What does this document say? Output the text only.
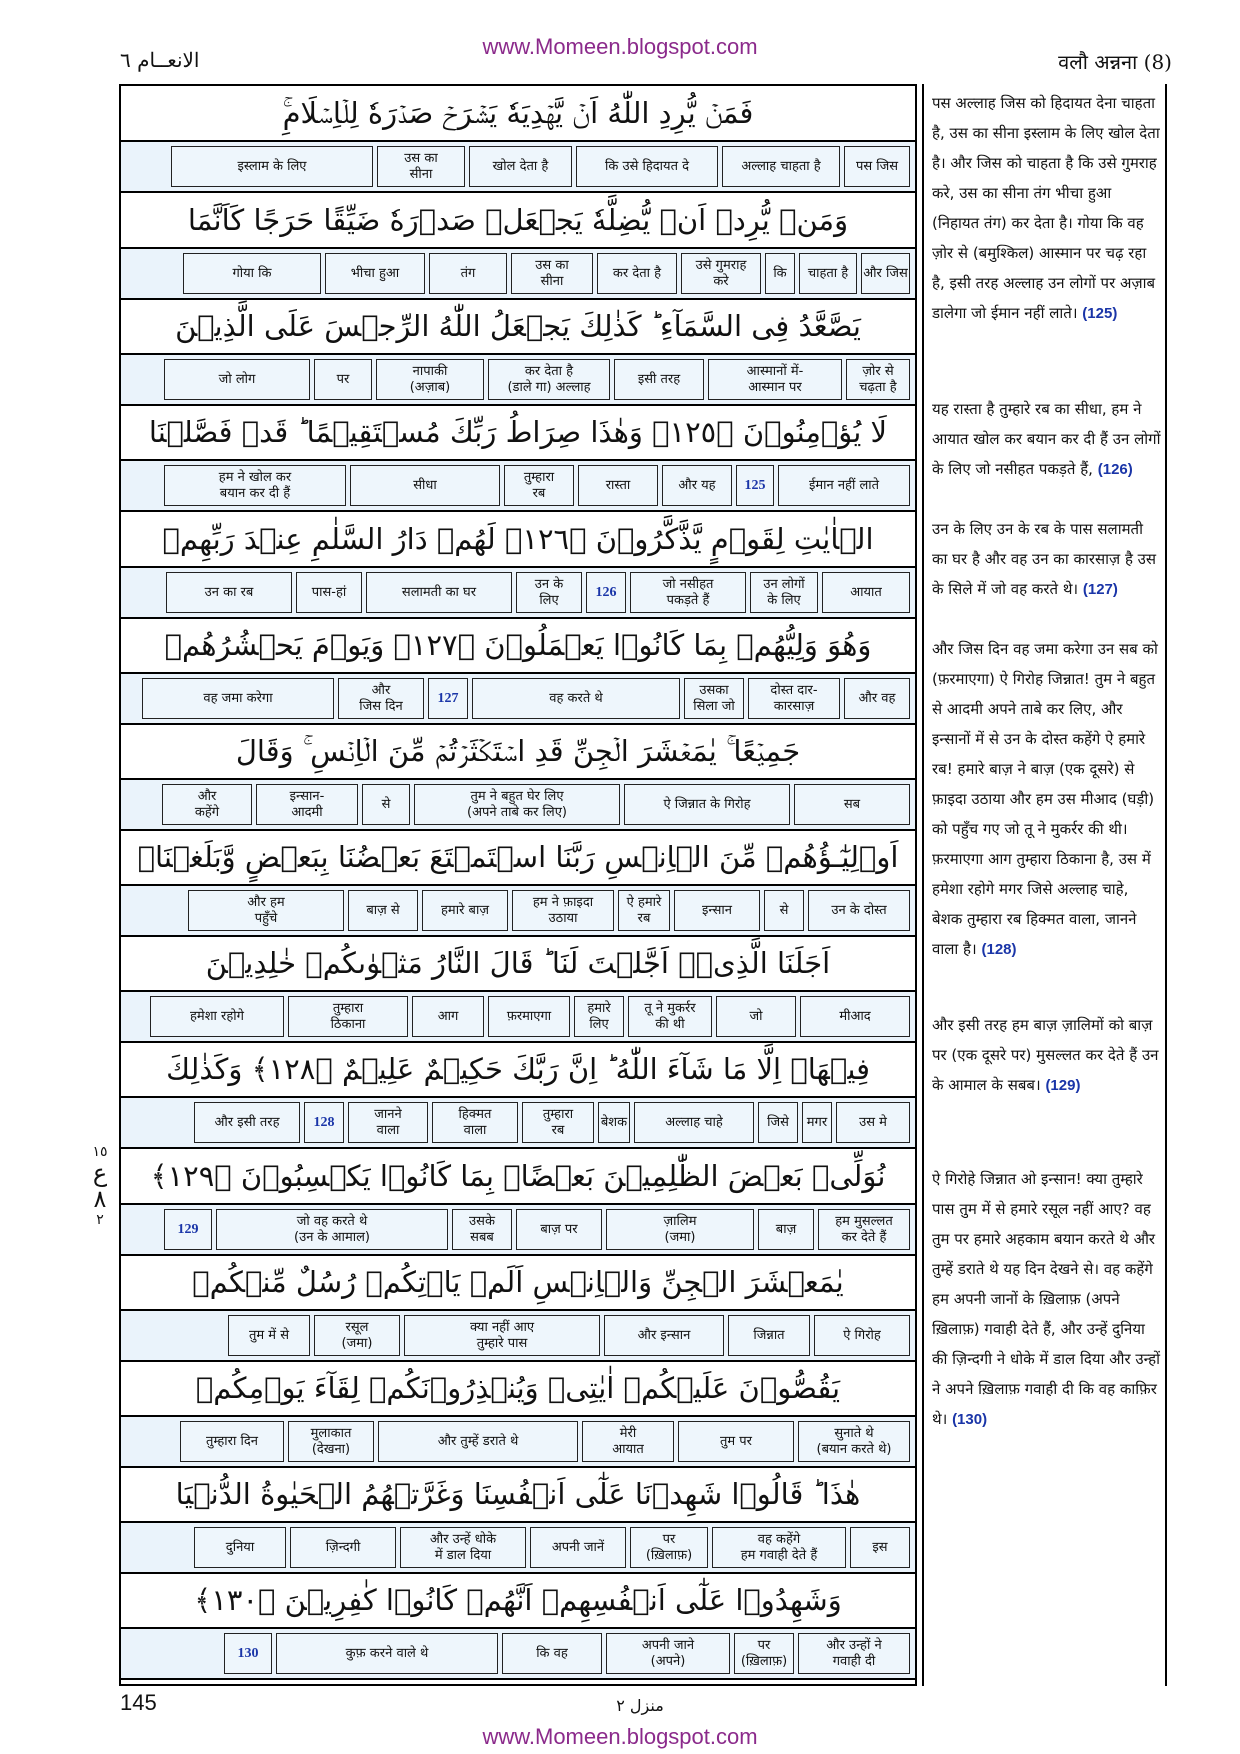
www.Momeen.blogspot.com
الانعــام ٦	वलौ अन्नना (8)
فَمَنۡ يُّرِدِ اللّٰهُ اَنۡ يَّهۡدِيَهٗ يَشۡرَحۡ صَدۡرَهٗ لِلۡاِسۡلَامِ‌ۚ
पस जिस
अल्लाह चाहता है
कि उसे हिदायत दे
खोल देता है
उस का
सीना
इस्लाम के लिए
وَمَنۡ يُّرِدۡ اَنۡ يُّضِلَّهٗ يَجۡعَلۡ صَدۡرَهٗ ضَيِّقًا حَرَجًا كَاَنَّمَا
और जिस
चाहता है
कि
उसे गुमराह
करे
कर देता है
उस का
सीना
तंग
भीचा हुआ
गोया कि
يَصَّعَّدُ فِى السَّمَآءِ‌ ؕ كَذٰلِكَ يَجۡعَلُ اللّٰهُ الرِّجۡسَ عَلَى الَّذِيۡنَ
ज़ोर से
चढ़ता है
आस्मानों में-
आस्मान पर
इसी तरह
कर देता है
(डाले गा) अल्लाह
नापाकी
(अज़ाब)
पर
जो लोग
لَا يُؤۡمِنُوۡنَ ﴿١٢٥﴾ وَهٰذَا صِرَاطُ رَبِّكَ مُسۡتَقِيۡمًا‌ ؕ قَدۡ فَصَّلۡنَا
ईमान नहीं लाते
125
और यह
रास्ता
तुम्हारा
रब
सीधा
हम ने खोल कर
बयान कर दी हैं
الۡاٰيٰتِ لِقَوۡمٍ يَّذَّكَّرُوۡنَ ﴿١٢٦﴾ لَهُمۡ دَارُ السَّلٰمِ عِنۡدَ رَبِّهِمۡ
आयात
उन लोगों
के लिए
जो नसीहत
पकड़ते हैं
126
उन के
लिए
सलामती का घर
पास-हां
उन का रब
وَهُوَ وَلِيُّهُمۡ بِمَا كَانُوۡا يَعۡمَلُوۡنَ ﴿١٢٧﴾ وَيَوۡمَ يَحۡشُرُهُمۡ
और वह
दोस्त दार-
कारसाज़
उसका
सिला जो
वह करते थे
127
और
जिस दिन
वह जमा करेगा
جَمِيۡعًا‌ ۚ يٰمَعۡشَرَ الۡجِنِّ قَدِ اسۡتَكۡثَرۡتُمۡ مِّنَ الۡاِنۡسِ‌ ۚ وَقَالَ
सब
ऐ जिन्नात के गिरोह
तुम ने बहुत घेर लिए
(अपने ताबे कर लिए)
से
इन्सान-
आदमी
और
कहेंगे
اَوۡلِيٰٓـؤُهُمۡ مِّنَ الۡاِنۡسِ رَبَّنَا اسۡتَمۡتَعَ بَعۡضُنَا بِبَعۡضٍ وَّبَلَغۡنَاۤ
उन के दोस्त
से
इन्सान
ऐ हमारे
रब
हम ने फ़ाइदा
उठाया
हमारे बाज़
बाज़ से
और हम
पहुँचे
اَجَلَنَا الَّذِىۡۤ اَجَّلۡتَ لَنَا‌ ؕ قَالَ النَّارُ مَثۡوٰٮكُمۡ خٰلِدِيۡنَ
मीआद
जो
तू ने मुकर्रर
की थी
हमारे
लिए
फ़रमाएगा
आग
तुम्हारा
ठिकाना
हमेशा रहोगे
فِيۡهَاۤ اِلَّا مَا شَآءَ اللّٰهُ‌ ؕ اِنَّ رَبَّكَ حَكِيۡمٌ عَلِيۡمٌ ﴿١٢٨﴾ وَكَذٰلِكَ
उस मे
मगर
जिसे
अल्लाह चाहे
बेशक
तुम्हारा
रब
हिक्मत
वाला
जानने
वाला
128
और इसी तरह
نُوَلِّىۡ بَعۡضَ الظّٰلِمِيۡنَ بَعۡضًاۢ بِمَا كَانُوۡا يَكۡسِبُوۡنَ ﴿١٢٩﴾
हम मुसल्लत
कर देते हैं
बाज़
ज़ालिम
(जमा)
बाज़ पर
उसके
सबब
जो वह करते थे
(उन के आमाल)
129
يٰمَعۡشَرَ الۡجِنِّ وَالۡاِنۡسِ اَلَمۡ يَاۡتِكُمۡ رُسُلٌ مِّنۡكُمۡ
ऐ गिरोह
जिन्नात
और इन्सान
क्या नहीं आए
तुम्हारे पास
रसूल
(जमा)
तुम में से
يَقُصُّوۡنَ عَلَيۡكُمۡ اٰيٰتِىۡ وَيُنۡذِرُوۡنَكُمۡ لِقَآءَ يَوۡمِكُمۡ
सुनाते थे
(बयान करते थे)
तुम पर
मेरी
आयात
और तुम्हें डराते थे
मुलाकात
(देखना)
तुम्हारा दिन
هٰذَا‌ ؕ قَالُوۡا شَهِدۡنَا عَلٰٓى اَنۡفُسِنَا وَغَرَّتۡهُمُ الۡحَيٰوةُ الدُّنۡيَا
इस
वह कहेंगे
हम गवाही देते हैं
पर
(ख़िलाफ़)
अपनी जानें
और उन्हें धोके
में डाल दिया
ज़िन्दगी
दुनिया
وَشَهِدُوۡا عَلٰٓى اَنۡفُسِهِمۡ اَنَّهُمۡ كَانُوۡا كٰفِرِيۡنَ ﴿١٣٠﴾
और उन्हों ने
गवाही दी
पर
(ख़िलाफ़)
अपनी जाने
(अपने)
कि वह
कुफ़ करने वाले थे
130
पस अल्लाह जिस को हिदायत देना चाहता है, उस का सीना इस्लाम के लिए खोल देता है। और जिस को चाहता है कि उसे गुमराह करे, उस का सीना तंग भीचा हुआ (निहायत तंग) कर देता है। गोया कि वह ज़ोर से (बमुश्किल) आस्मान पर चढ़ रहा है, इसी तरह अल्लाह उन लोगों पर अज़ाब डालेगा जो ईमान नहीं लाते। (125)
यह रास्ता है तुम्हारे रब का सीधा, हम ने आयात खोल कर बयान कर दी हैं उन लोगों के लिए जो नसीहत पकड़ते हैं, (126)
उन के लिए उन के रब के पास सलामती का घर है और वह उन का कारसाज़ है उस के सिले में जो वह करते थे। (127)
और जिस दिन वह जमा करेगा उन सब को (फ़रमाएगा) ऐ गिरोह जिन्नात! तुम ने बहुत से आदमी अपने ताबे कर लिए, और इन्सानों में से उन के दोस्त कहेंगे ऐ हमारे रब! हमारे बाज़ ने बाज़ (एक दूसरे) से फ़ाइदा उठाया और हम उस मीआद (घड़ी) को पहुँच गए जो तू ने मुकर्रर की थी। फ़रमाएगा आग तुम्हारा ठिकाना है, उस में हमेशा रहोगे मगर जिसे अल्लाह चाहे, बेशक तुम्हारा रब हिक्मत वाला, जानने वाला है। (128)
और इसी तरह हम बाज़ ज़ालिमों को बाज़ पर (एक दूसरे पर) मुसल्लत कर देते हैं उन के आमाल के सबब। (129)
ऐ गिरोहे जिन्नात ओ इन्सान! क्या तुम्हारे पास तुम में से हमारे रसूल नहीं आए? वह तुम पर हमारे अहकाम बयान करते थे और तुम्हें डराते थे यह दिन देखने से। वह कहेंगे हम अपनी जानों के ख़िलाफ़ (अपने ख़िलाफ़) गवाही देते हैं, और उन्हें दुनिया की ज़िन्दगी ने धोके में डाल दिया और उन्हों ने अपने ख़िलाफ़ गवाही दी कि वह काफ़िर थे। (130)
١٥
ع
٨
٢
145	منزل ٢
www.Momeen.blogspot.com
